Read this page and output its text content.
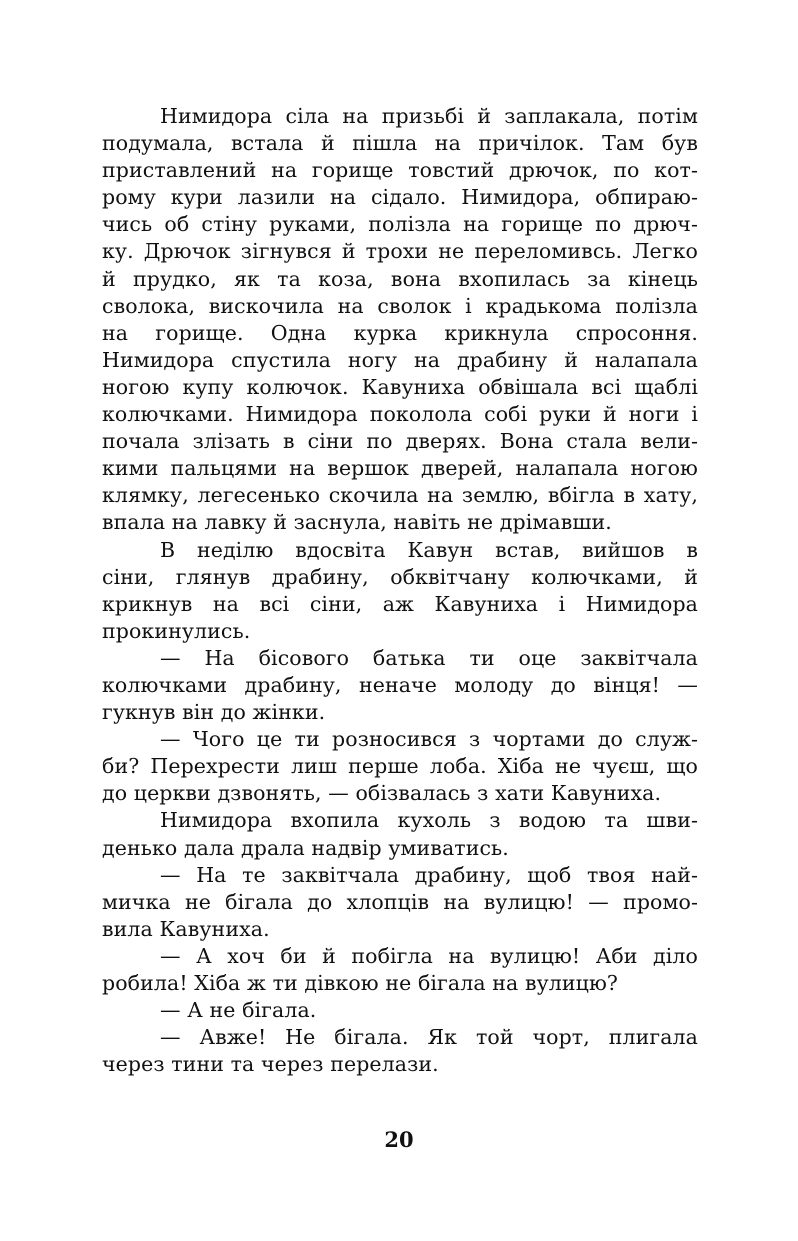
Нимидора сіла на призьбі й заплакала, потім
подумала, встала й пішла на причілок. Там був
приставлений на горище товстий дрючок, по кот-
рому кури лазили на сідало. Нимидора, обпираю-
чись об стіну руками, полізла на горище по дрюч-
ку. Дрючок зігнувся й трохи не переломивсь. Легко
й прудко, як та коза, вона вхопилась за кінець
сволока, вискочила на сволок і крадькома полізла
на горище. Одна курка крикнула спросоння.
Нимидора спустила ногу на драбину й налапала
ногою купу колючок. Кавуниха обвішала всі щаблі
колючками. Нимидора поколола собі руки й ноги і
почала злізать в сіни по дверях. Вона стала вели-
кими пальцями на вершок дверей, налапала ногою
клямку, легесенько скочила на землю, вбігла в хату,
впала на лавку й заснула, навіть не дрімавши.
В неділю вдосвіта Кавун встав, вийшов в
сіни, глянув драбину, обквітчану колючками, й
крикнув на всі сіни, аж Кавуниха і Нимидора
прокинулись.
— На бісового батька ти оце заквітчала
колючками драбину, неначе молоду до вінця! —
гукнув він до жінки.
— Чого це ти розносився з чортами до служ-
би? Перехрести лиш перше лоба. Хіба не чуєш, що
до церкви дзвонять, — обізвалась з хати Кавуниха.
Нимидора вхопила кухоль з водою та шви-
денько дала драла надвір умиватись.
— На те заквітчала драбину, щоб твоя най-
мичка не бігала до хлопців на вулицю! — промо-
вила Кавуниха.
— А хоч би й побігла на вулицю! Аби діло
робила! Хіба ж ти дівкою не бігала на вулицю?
— А не бігала.
— Авже! Не бігала. Як той чорт, плигала
через тини та через перелази.
20
